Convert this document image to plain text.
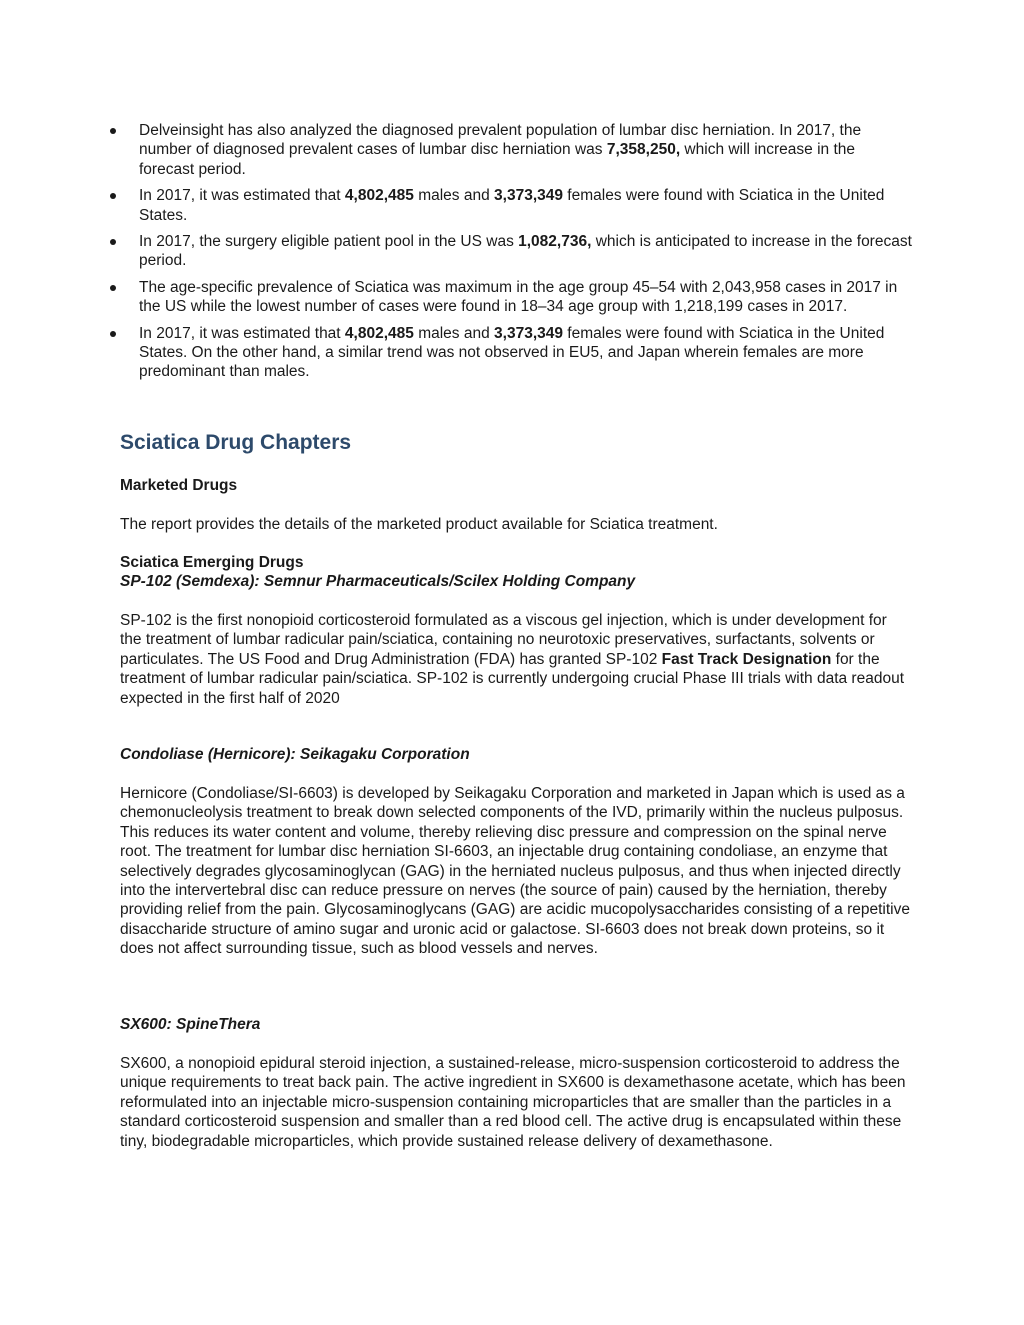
Delveinsight has also analyzed the diagnosed prevalent population of lumbar disc herniation. In 2017, the number of diagnosed prevalent cases of lumbar disc herniation was 7,358,250, which will increase in the forecast period.
In 2017, it was estimated that 4,802,485 males and 3,373,349 females were found with Sciatica in the United States.
In 2017, the surgery eligible patient pool in the US was 1,082,736, which is anticipated to increase in the forecast period.
The age-specific prevalence of Sciatica was maximum in the age group 45–54 with 2,043,958 cases in 2017 in the US while the lowest number of cases were found in 18–34 age group with 1,218,199 cases in 2017.
In 2017, it was estimated that 4,802,485 males and 3,373,349 females were found with Sciatica in the United States. On the other hand, a similar trend was not observed in EU5, and Japan wherein females are more predominant than males.
Sciatica Drug Chapters

Marketed Drugs

The report provides the details of the marketed product available for Sciatica treatment.

Sciatica Emerging Drugs

SP-102 (Semdexa): Semnur Pharmaceuticals/Scilex Holding Company

SP-102 is the first nonopioid corticosteroid formulated as a viscous gel injection, which is under development for the treatment of lumbar radicular pain/sciatica, containing no neurotoxic preservatives, surfactants, solvents or particulates. The US Food and Drug Administration (FDA) has granted SP-102 Fast Track Designation for the treatment of lumbar radicular pain/sciatica. SP-102 is currently undergoing crucial Phase III trials with data readout expected in the first half of 2020

Condoliase (Hernicore): Seikagaku Corporation

Hernicore (Condoliase/SI-6603) is developed by Seikagaku Corporation and marketed in Japan which is used as a chemonucleolysis treatment to break down selected components of the IVD, primarily within the nucleus pulposus. This reduces its water content and volume, thereby relieving disc pressure and compression on the spinal nerve root. The treatment for lumbar disc herniation SI-6603, an injectable drug containing condoliase, an enzyme that selectively degrades glycosaminoglycan (GAG) in the herniated nucleus pulposus, and thus when injected directly into the intervertebral disc can reduce pressure on nerves (the source of pain) caused by the herniation, thereby providing relief from the pain. Glycosaminoglycans (GAG) are acidic mucopolysaccharides consisting of a repetitive disaccharide structure of amino sugar and uronic acid or galactose. SI-6603 does not break down proteins, so it does not affect surrounding tissue, such as blood vessels and nerves.

SX600: SpineThera

SX600, a nonopioid epidural steroid injection, a sustained-release, micro-suspension corticosteroid to address the unique requirements to treat back pain. The active ingredient in SX600 is dexamethasone acetate, which has been reformulated into an injectable micro-suspension containing microparticles that are smaller than the particles in a standard corticosteroid suspension and smaller than a red blood cell. The active drug is encapsulated within these tiny, biodegradable microparticles, which provide sustained release delivery of dexamethasone.
